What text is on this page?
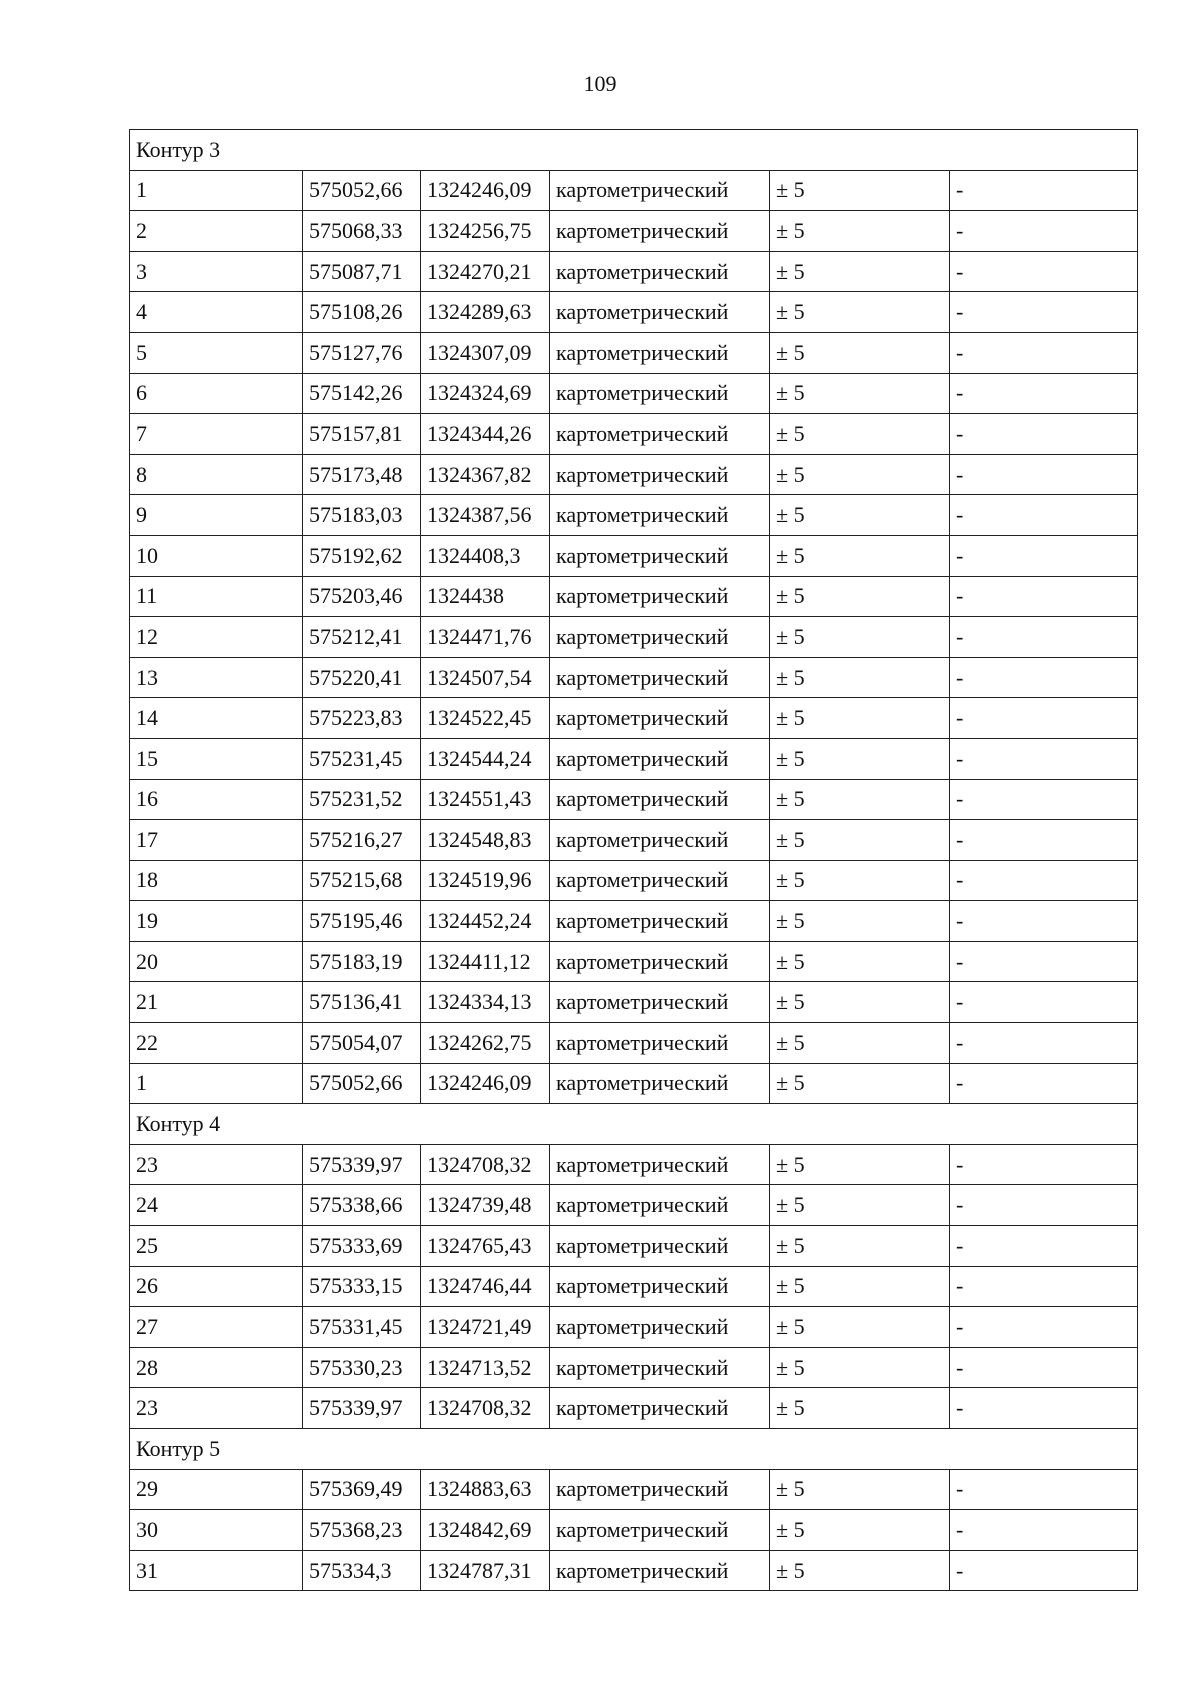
109
Контур 3					
1	575052,66	1324246,09	картометрический	± 5	-
2	575068,33	1324256,75	картометрический	± 5	-
3	575087,71	1324270,21	картометрический	± 5	-
4	575108,26	1324289,63	картометрический	± 5	-
5	575127,76	1324307,09	картометрический	± 5	-
6	575142,26	1324324,69	картометрический	± 5	-
7	575157,81	1324344,26	картометрический	± 5	-
8	575173,48	1324367,82	картометрический	± 5	-
9	575183,03	1324387,56	картометрический	± 5	-
10	575192,62	1324408,3	картометрический	± 5	-
11	575203,46	1324438	картометрический	± 5	-
12	575212,41	1324471,76	картометрический	± 5	-
13	575220,41	1324507,54	картометрический	± 5	-
14	575223,83	1324522,45	картометрический	± 5	-
15	575231,45	1324544,24	картометрический	± 5	-
16	575231,52	1324551,43	картометрический	± 5	-
17	575216,27	1324548,83	картометрический	± 5	-
18	575215,68	1324519,96	картометрический	± 5	-
19	575195,46	1324452,24	картометрический	± 5	-
20	575183,19	1324411,12	картометрический	± 5	-
21	575136,41	1324334,13	картометрический	± 5	-
22	575054,07	1324262,75	картометрический	± 5	-
1	575052,66	1324246,09	картометрический	± 5	-
Контур 4					
23	575339,97	1324708,32	картометрический	± 5	-
24	575338,66	1324739,48	картометрический	± 5	-
25	575333,69	1324765,43	картометрический	± 5	-
26	575333,15	1324746,44	картометрический	± 5	-
27	575331,45	1324721,49	картометрический	± 5	-
28	575330,23	1324713,52	картометрический	± 5	-
23	575339,97	1324708,32	картометрический	± 5	-
Контур 5					
29	575369,49	1324883,63	картометрический	± 5	-
30	575368,23	1324842,69	картометрический	± 5	-
31	575334,3	1324787,31	картометрический	± 5	-
